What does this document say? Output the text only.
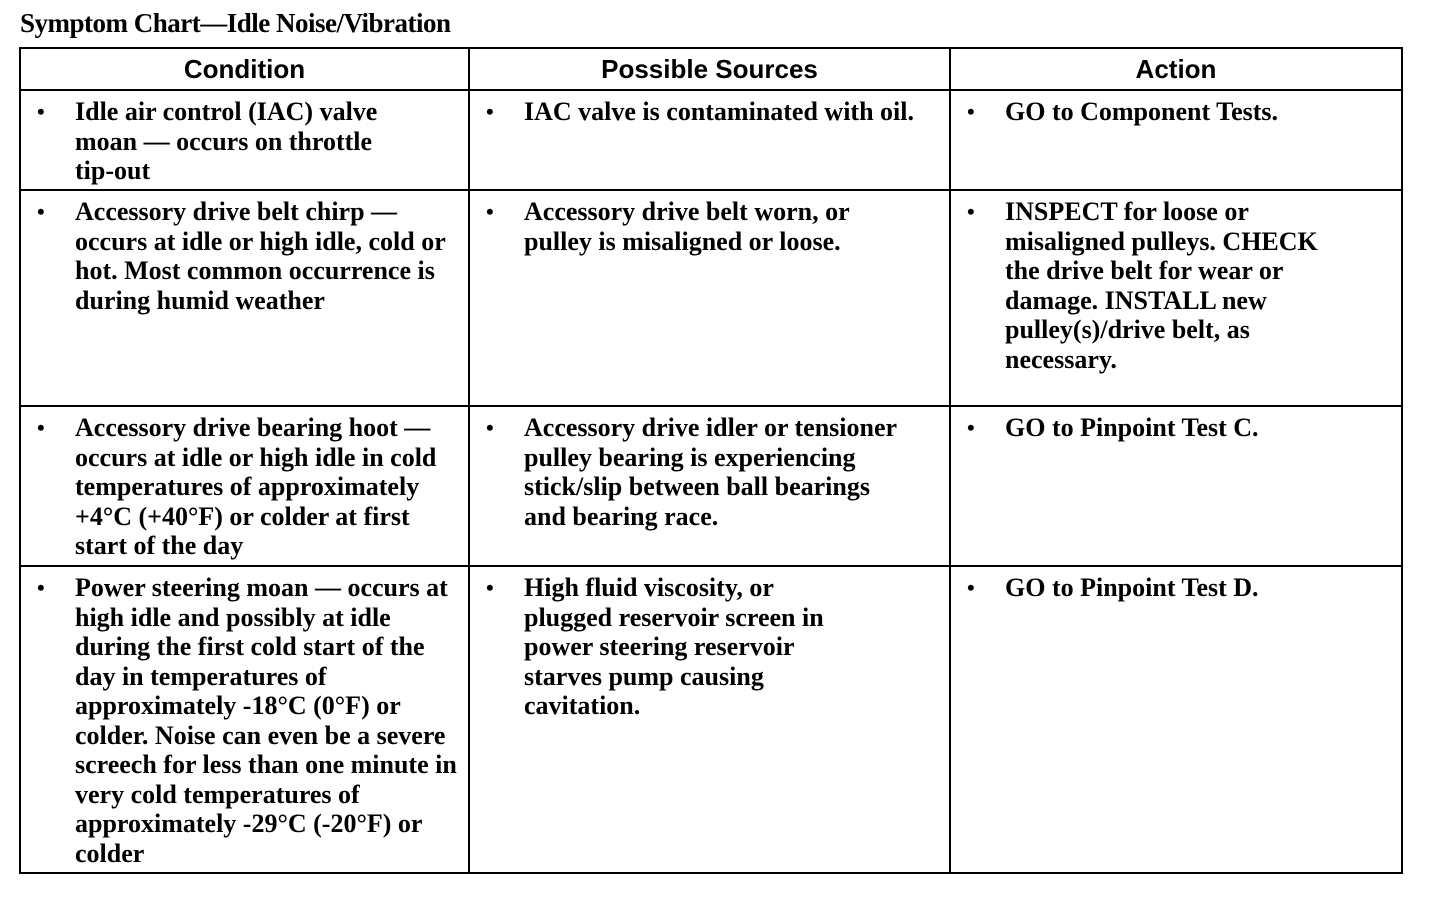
Symptom Chart—Idle Noise/Vibration
Condition	Possible Sources	Action

• Idle air control (IAC) valve moan — occurs on throttle tip-out	• IAC valve is contaminated with oil.	• GO to Component Tests.

• Accessory drive belt chirp — occurs at idle or high idle, cold or hot. Most common occurrence is during humid weather	• Accessory drive belt worn, or pulley is misaligned or loose.	• INSPECT for loose or misaligned pulleys. CHECK the drive belt for wear or damage. INSTALL new pulley(s)/drive belt, as necessary.

• Accessory drive bearing hoot — occurs at idle or high idle in cold temperatures of approximately +4°C (+40°F) or colder at first start of the day	• Accessory drive idler or tensioner pulley bearing is experiencing stick/slip between ball bearings and bearing race.	• GO to Pinpoint Test C.

• Power steering moan — occurs at high idle and possibly at idle during the first cold start of the day in temperatures of approximately -18°C (0°F) or colder. Noise can even be a severe screech for less than one minute in very cold temperatures of approximately -29°C (-20°F) or colder	• High fluid viscosity, or plugged reservoir screen in power steering reservoir starves pump causing cavitation.	• GO to Pinpoint Test D.
